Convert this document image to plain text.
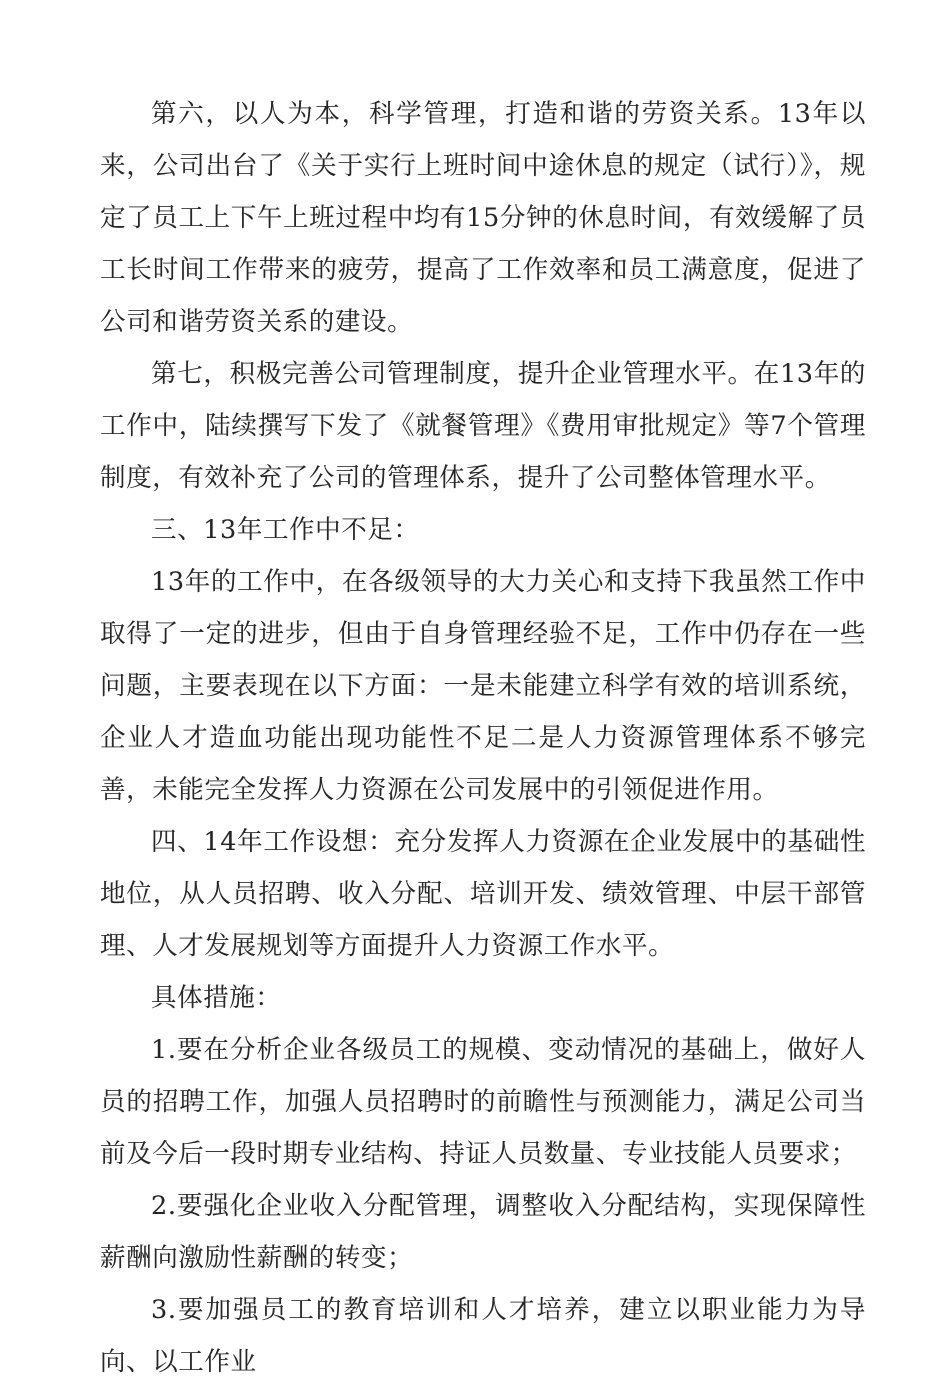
第六，以人为本，科学管理，打造和谐的劳资关系。13年以来，公司出台了《关于实行上班时间中途休息的规定（试行）》，规定了员工上下午上班过程中均有15分钟的休息时间，有效缓解了员工长时间工作带来的疲劳，提高了工作效率和员工满意度，促进了公司和谐劳资关系的建设。

第七，积极完善公司管理制度，提升企业管理水平。在13年的工作中，陆续撰写下发了《就餐管理》《费用审批规定》等7个管理制度，有效补充了公司的管理体系，提升了公司整体管理水平。

三、13年工作中不足：

13年的工作中，在各级领导的大力关心和支持下我虽然工作中取得了一定的进步，但由于自身管理经验不足，工作中仍存在一些问题，主要表现在以下方面：一是未能建立科学有效的培训系统，企业人才造血功能出现功能性不足二是人力资源管理体系不够完善，未能完全发挥人力资源在公司发展中的引领促进作用。

四、14年工作设想：充分发挥人力资源在企业发展中的基础性地位，从人员招聘、收入分配、培训开发、绩效管理、中层干部管理、人才发展规划等方面提升人力资源工作水平。

具体措施：

1.要在分析企业各级员工的规模、变动情况的基础上，做好人员的招聘工作，加强人员招聘时的前瞻性与预测能力，满足公司当前及今后一段时期专业结构、持证人员数量、专业技能人员要求；

2.要强化企业收入分配管理，调整收入分配结构，实现保障性薪酬向激励性薪酬的转变；

3.要加强员工的教育培训和人才培养，建立以职业能力为导向、以工作业
